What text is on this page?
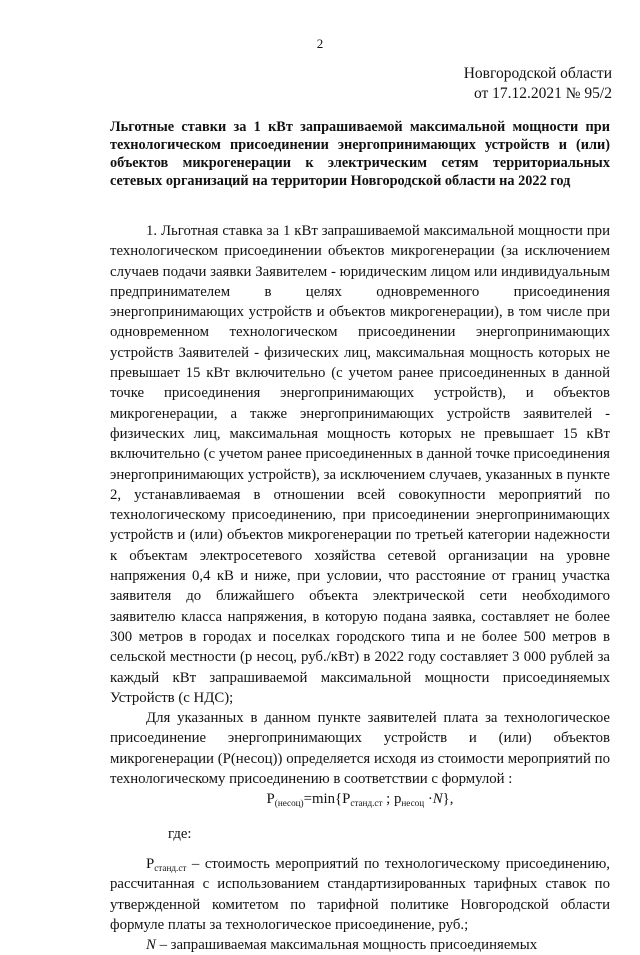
2
Новгородской области
от 17.12.2021 № 95/2
Льготные ставки за 1 кВт запрашиваемой максимальной мощности при технологическом присоединении энергопринимающих устройств и (или) объектов микрогенерации к электрическим сетям территориальных сетевых организаций на территории Новгородской области на 2022 год

1. Льготная ставка за 1 кВт запрашиваемой максимальной мощности при технологическом присоединении объектов микрогенерации (за исключением случаев подачи заявки Заявителем - юридическим лицом или индивидуальным предпринимателем в целях одновременного присоединения энергопринимающих устройств и объектов микрогенерации), в том числе при одновременном технологическом присоединении энергопринимающих устройств Заявителей - физических лиц, максимальная мощность которых не превышает 15 кВт включительно (с учетом ранее присоединенных в данной точке присоединения энергопринимающих устройств), и объектов микрогенерации, а также энергопринимающих устройств заявителей - физических лиц, максимальная мощность которых не превышает 15 кВт включительно (с учетом ранее присоединенных в данной точке присоединения энергопринимающих устройств), за исключением случаев, указанных в пункте 2, устанавливаемая в отношении всей совокупности мероприятий по технологическому присоединению, при присоединении энергопринимающих устройств и (или) объектов микрогенерации по третьей категории надежности к объектам электросетевого хозяйства сетевой организации на уровне напряжения 0,4 кВ и ниже, при условии, что расстояние от границ участка заявителя до ближайшего объекта электрической сети необходимого заявителю класса напряжения, в которую подана заявка, составляет не более 300 метров в городах и поселках городского типа и не более 500 метров в сельской местности (p несоц, руб./кВт) в 2022 году составляет 3 000 рублей за каждый кВт запрашиваемой максимальной мощности присоединяемых Устройств (с НДС);

Для указанных в данном пункте заявителей плата за технологическое присоединение энергопринимающих устройств и (или) объектов микрогенерации (P(несоц)) определяется исходя из стоимости мероприятий по технологическому присоединению в соответствии с формулой :

$P_{(несоц)}=\min\{P_{станд.ст}$ ; $p_{несоц} \cdot N$},

где:

$P_{станд.ст}$ – стоимость мероприятий по технологическому присоединению, рассчитанная с использованием стандартизированных тарифных ставок по утвержденной комитетом по тарифной политике Новгородской области формуле платы за технологическое присоединение, руб.;

N – запрашиваемая максимальная мощность присоединяемых
